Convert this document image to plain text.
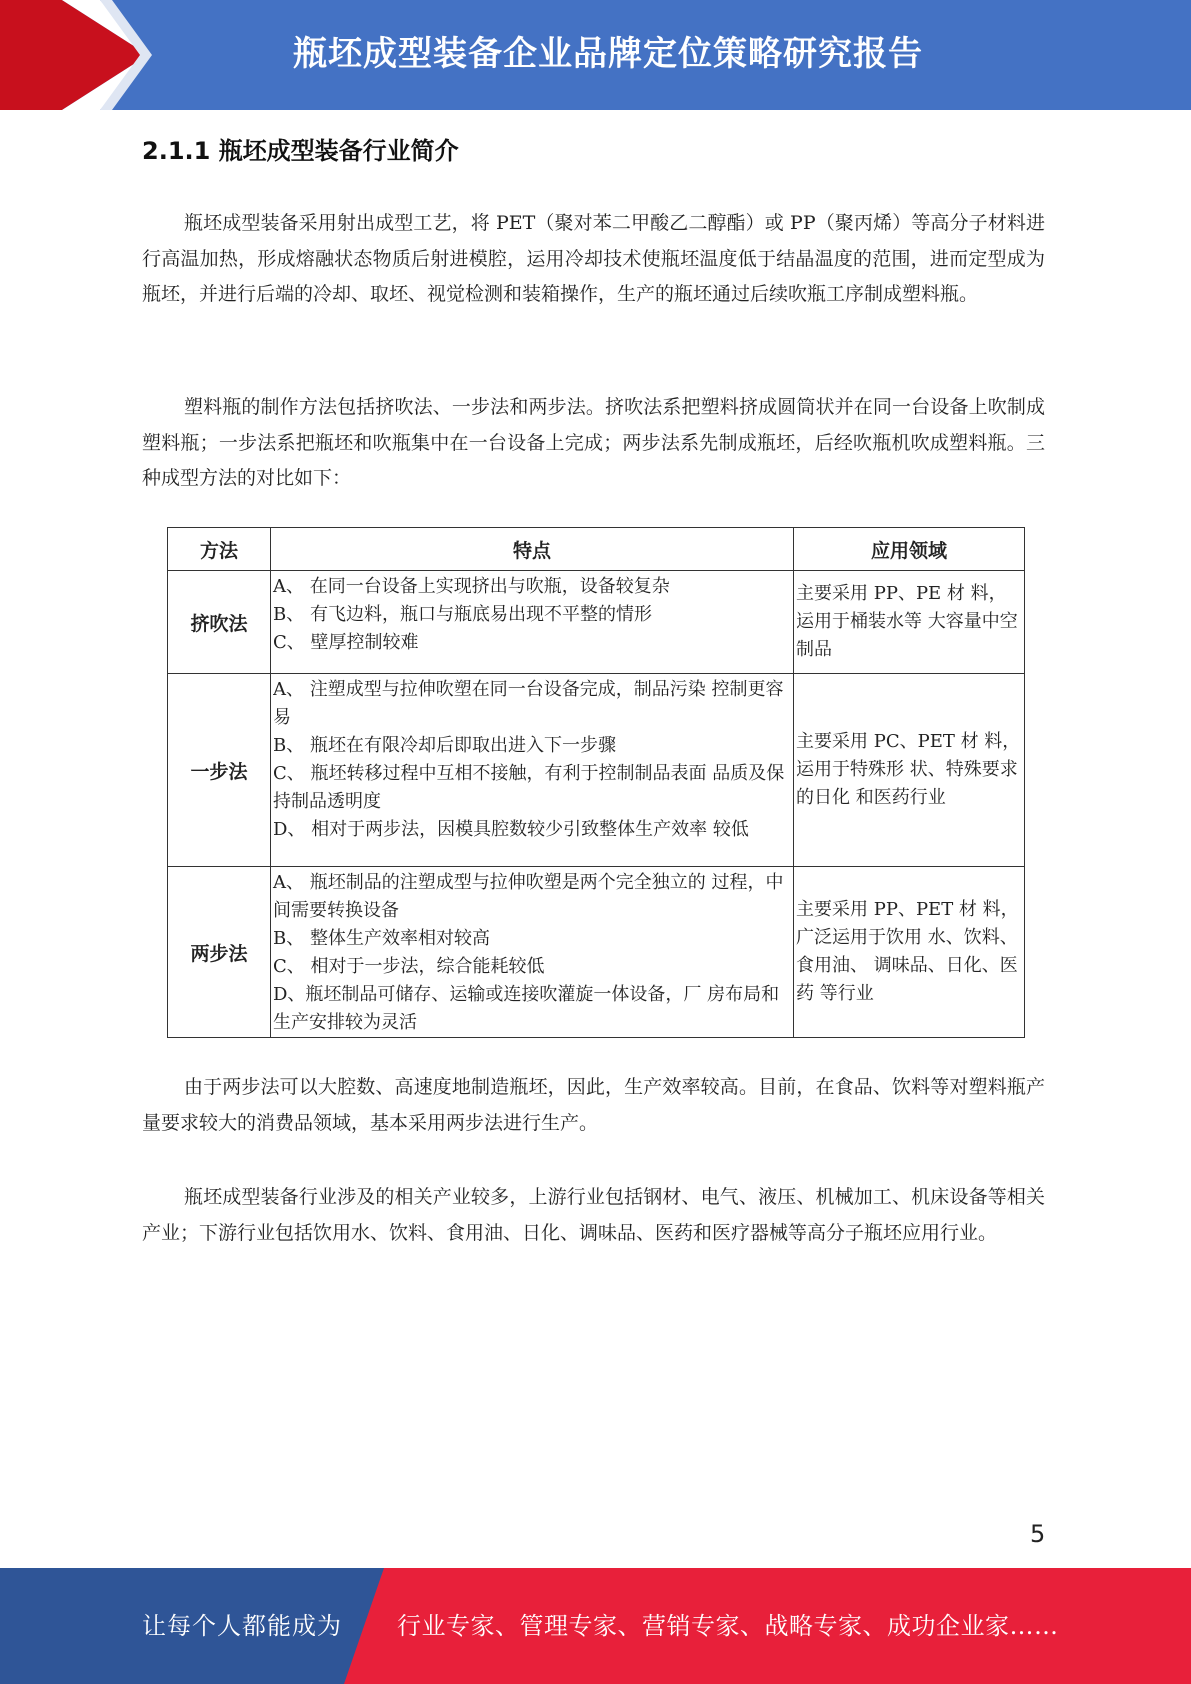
瓶坯成型装备企业品牌定位策略研究报告
2.1.1 瓶坯成型装备行业简介

瓶坯成型装备采用射出成型工艺，将 PET（聚对苯二甲酸乙二醇酯）或 PP（聚丙烯）等高分子材料进行高温加热，形成熔融状态物质后射进模腔，运用冷却技术使瓶坯温度低于结晶温度的范围，进而定型成为瓶坯，并进行后端的冷却、取坯、视觉检测和装箱操作，生产的瓶坯通过后续吹瓶工序制成塑料瓶。

塑料瓶的制作方法包括挤吹法、一步法和两步法。挤吹法系把塑料挤成圆筒状并在同一台设备上吹制成塑料瓶；一步法系把瓶坯和吹瓶集中在一台设备上完成；两步法系先制成瓶坯，后经吹瓶机吹成塑料瓶。三种成型方法的对比如下：

方法	特点	应用领域
挤吹法	A、 在同一台设备上实现挤出与吹瓶，设备较复杂
B、 有飞边料，瓶口与瓶底易出现不平整的情形
C、 壁厚控制较难	主要采用 PP、PE 材 料，运用于桶装水等 大容量中空制品
一步法	A、 注塑成型与拉伸吹塑在同一台设备完成，制品污染 控制更容易
B、 瓶坯在有限冷却后即取出进入下一步骤
C、 瓶坯转移过程中互相不接触，有利于控制制品表面 品质及保持制品透明度
D、 相对于两步法，因模具腔数较少引致整体生产效率 较低	主要采用 PC、PET 材 料，运用于特殊形 状、特殊要求的日化 和医药行业
两步法	A、 瓶坯制品的注塑成型与拉伸吹塑是两个完全独立的 过程，中间需要转换设备
B、 整体生产效率相对较高
C、 相对于一步法，综合能耗较低
D、瓶坯制品可储存、运输或连接吹灌旋一体设备，厂 房布局和生产安排较为灵活	主要采用 PP、PET 材 料，广泛运用于饮用 水、饮料、食用油、 调味品、日化、医药 等行业

由于两步法可以大腔数、高速度地制造瓶坯，因此，生产效率较高。目前，在食品、饮料等对塑料瓶产量要求较大的消费品领域，基本采用两步法进行生产。

瓶坯成型装备行业涉及的相关产业较多，上游行业包括钢材、电气、液压、机械加工、机床设备等相关产业；下游行业包括饮用水、饮料、食用油、日化、调味品、医药和医疗器械等高分子瓶坯应用行业。

5
让每个人都能成为 行业专家、管理专家、营销专家、战略专家、成功企业家……
